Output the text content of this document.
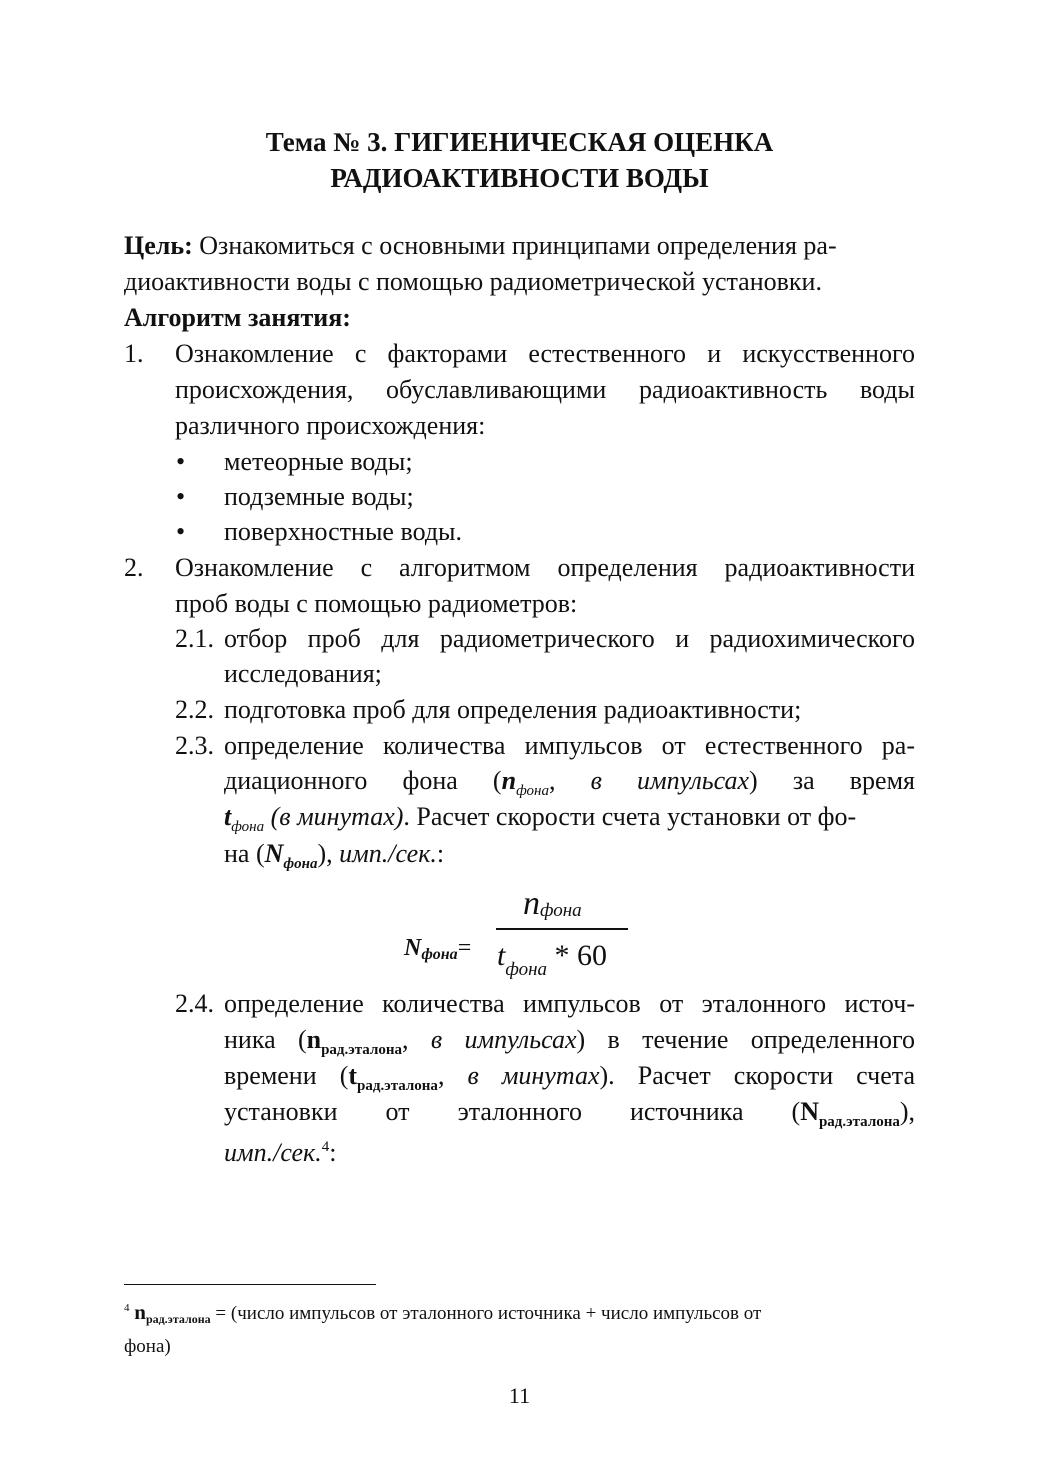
Тема № 3. ГИГИЕНИЧЕСКАЯ ОЦЕНКА
РАДИОАКТИВНОСТИ ВОДЫ
Цель: Ознакомиться с основными принципами определения ра-
диоактивности воды с помощью радиометрической установки.
Алгоритм занятия:
1. Ознакомление с факторами естественного и искусственного
происхождения, обуславливающими радиоактивность воды
различного происхождения:
• метеорные воды;
• подземные воды;
• поверхностные воды.
2. Ознакомление с алгоритмом определения радиоактивности
проб воды с помощью радиометров:
2.1. отбор проб для радиометрического и радиохимического
исследования;
2.2. подготовка проб для определения радиоактивности;
2.3. определение количества импульсов от естественного ра-
диационного фона ($n_{фона}$, в импульсах) за время
$t_{фона}$ (в минутах). Расчет скорости счета установки от фо-
на $(N_{фона})$, имп./сек.:
$N_{фона}=$
$n_{фона}$
$t_{фона} * 60$
2.4. определение количества импульсов от эталонного источ-
ника ($n_{рад.эталона}$, в импульсах) в течение определенного
времени ($t_{рад.эталона}$, в минутах). Расчет скорости счета
установки от эталонного источника $(N_{рад.эталона})$,
имп./сек.$^4$:
$^4$ $n_{рад.эталона}$ = (число импульсов от эталонного источника + число импульсов от
фона)
11
